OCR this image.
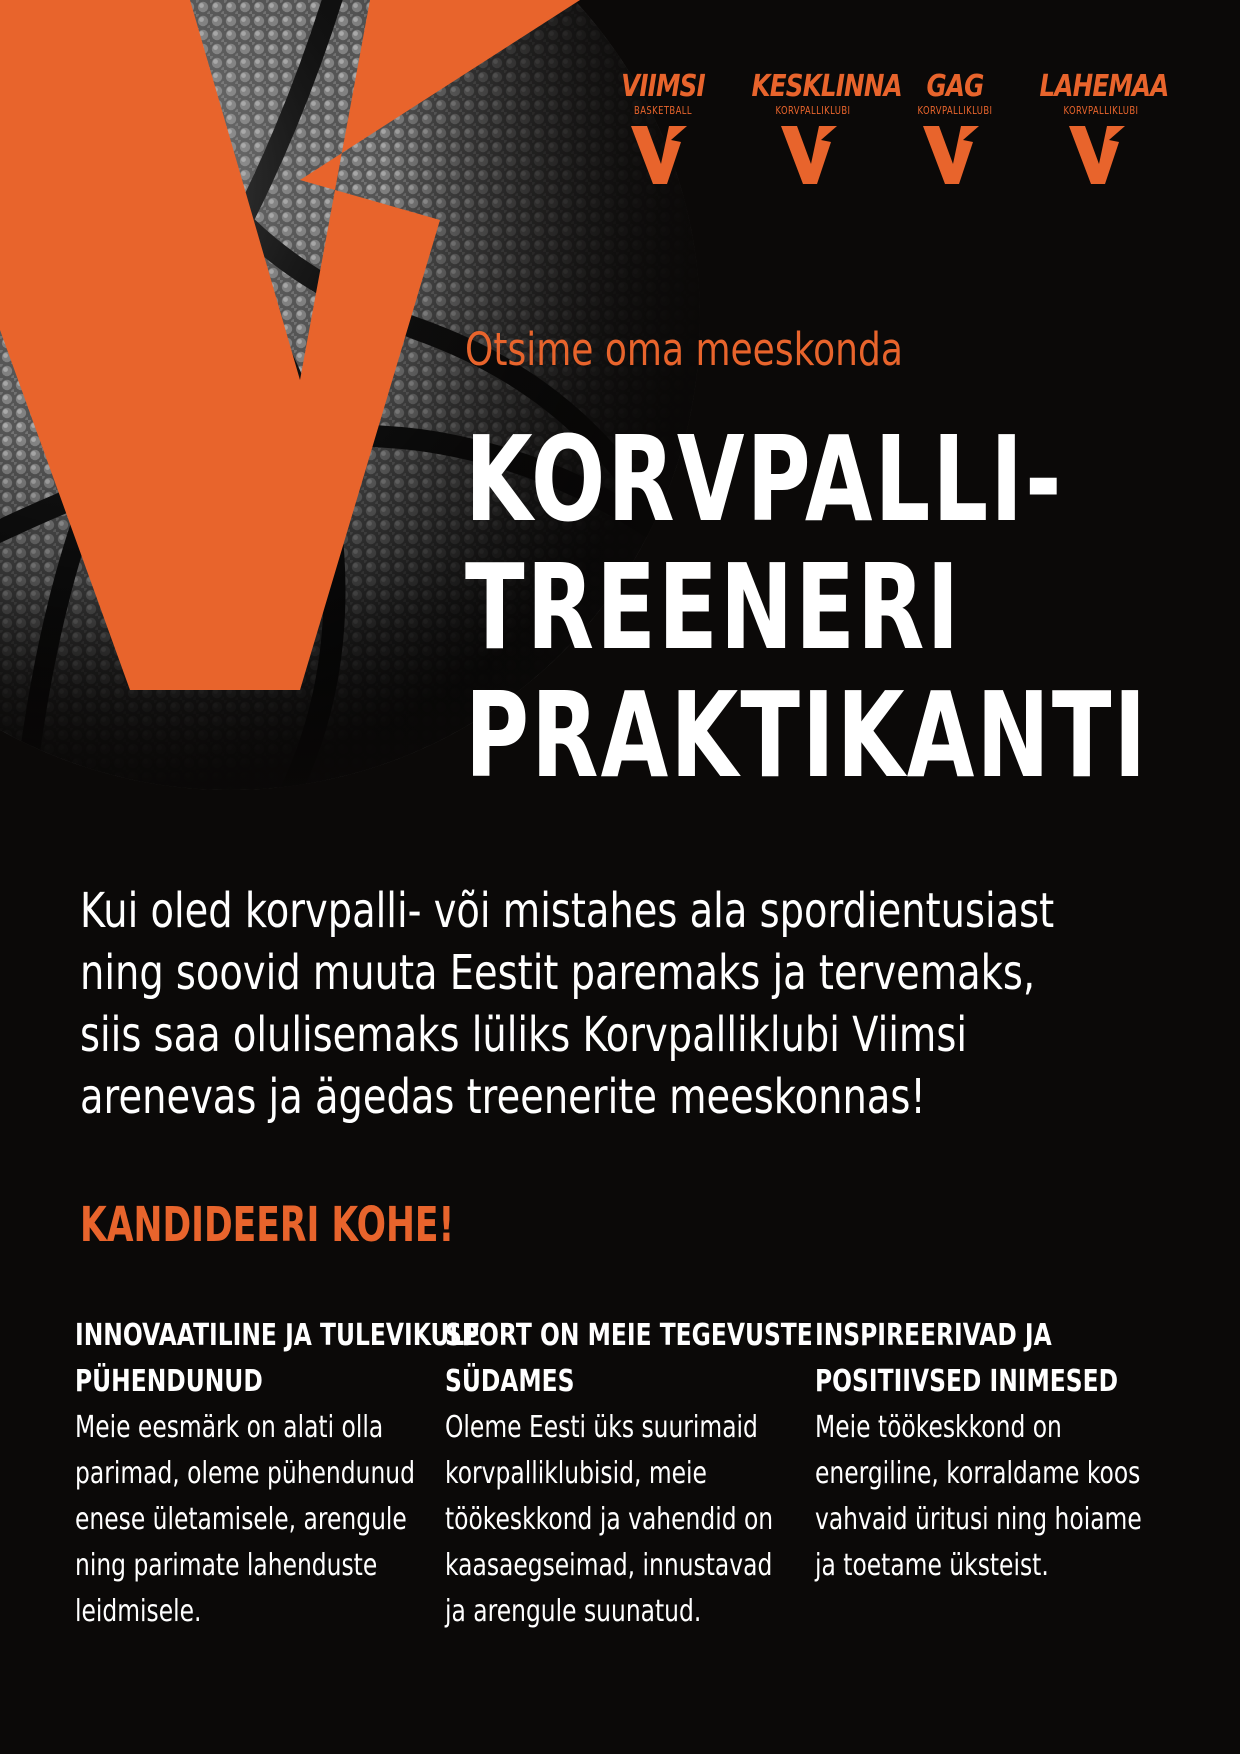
VIIMSI
BASKETBALL
KESKLINNA
KORVPALLIKLUBI
GAG
KORVPALLIKLUBI
LAHEMAA
KORVPALLIKLUBI
Otsime oma meeskonda
KORVPALLI-
TREENERI
PRAKTIKANTI

Kui oled korvpalli- või mistahes ala spordientusiast
ning soovid muuta Eestit paremaks ja tervemaks,
siis saa olulisemaks lüliks Korvpalliklubi Viimsi
arenevas ja ägedas treenerite meeskonnas!

KANDIDEERI KOHE!
INNOVAATILINE JA TULEVIKULE
PÜHENDUNUD
Meie eesmärk on alati olla
parimad, oleme pühendunud
enese ületamisele, arengule
ning parimate lahenduste
leidmisele.
SPORT ON MEIE TEGEVUSTE
SÜDAMES
Oleme Eesti üks suurimaid
korvpalliklubisid, meie
töökeskkond ja vahendid on
kaasaegseimad, innustavad
ja arengule suunatud.
INSPIREERIVAD JA
POSITIIVSED INIMESED
Meie töökeskkond on
energiline, korraldame koos
vahvaid üritusi ning hoiame
ja toetame üksteist.
